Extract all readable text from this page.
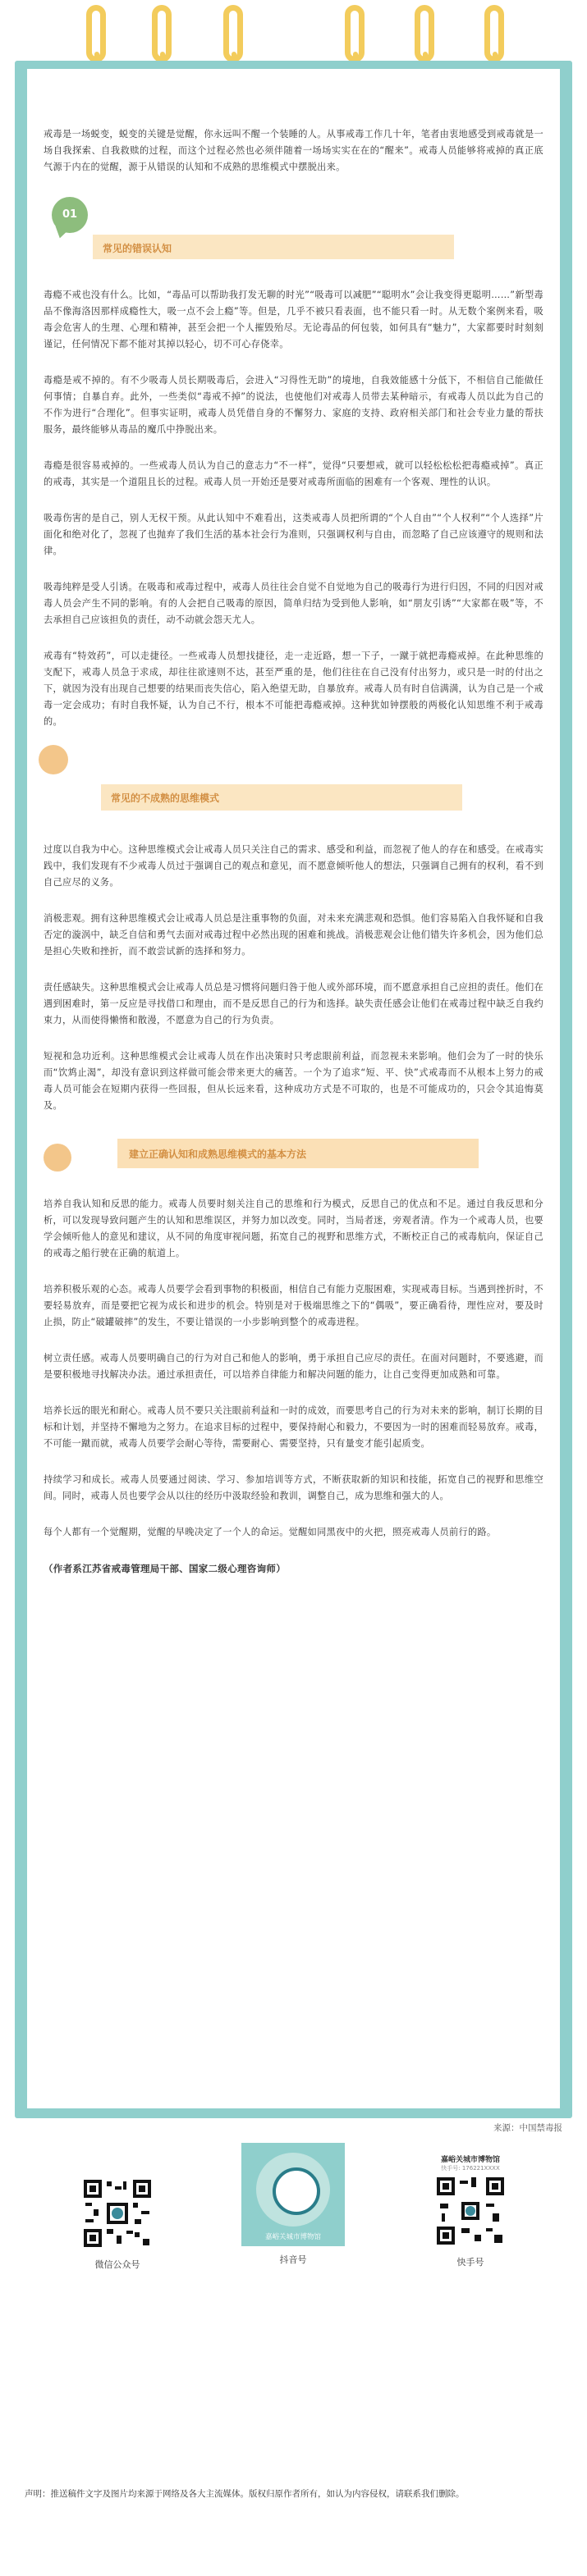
戒毒是一场蜕变，蜕变的关键是觉醒，你永远叫不醒一个装睡的人。从事戒毒工作几十年，笔者由衷地感受到戒毒就是一场自我探索、自我救赎的过程，而这个过程必然也必须伴随着一场场实实在在的“醒来”。戒毒人员能够将戒掉的真正底气源于内在的觉醒，源于从错误的认知和不成熟的思维模式中摆脱出来。

01
常见的错误认知

毒瘾不戒也没有什么。比如，“毒品可以帮助我打发无聊的时光”“吸毒可以减肥”“聪明水”会让我变得更聪明……”新型毒品不像海洛因那样成瘾性大，吸一点不会上瘾”等。但是，几乎不被只看表面，也不能只看一时。从无数个案例来看，吸毒会危害人的生理、心理和精神，甚至会把一个人摧毁殆尽。无论毒品的何包装，如何具有“魅力”，大家都要时时刻刻谨记，任何情况下都不能对其掉以轻心，切不可心存侥幸。

毒瘾是戒不掉的。有不少吸毒人员长期吸毒后，会进入“习得性无助”的境地，自我效能感十分低下，不相信自己能做任何事情；自暴自弃。此外，一些类似“毒戒不掉”的说法，也使他们对戒毒人员带去某种暗示，有戒毒人员以此为自己的不作为进行“合理化”。但事实证明，戒毒人员凭借自身的不懈努力、家庭的支持、政府相关部门和社会专业力量的帮扶服务，最终能够从毒品的魔爪中挣脱出来。

毒瘾是很容易戒掉的。一些戒毒人员认为自己的意志力“不一样”，觉得“只要想戒，就可以轻松松松把毒瘾戒掉”。真正的戒毒，其实是一个道阻且长的过程。戒毒人员一开始还是要对戒毒所面临的困难有一个客观、理性的认识。

吸毒伤害的是自己，别人无权干预。从此认知中不难看出，这类戒毒人员把所谓的“个人自由”“个人权利”“个人选择”片面化和绝对化了，忽视了也抛弃了我们生活的基本社会行为准则，只强调权利与自由，而忽略了自己应该遵守的规则和法律。

吸毒纯粹是受人引诱。在吸毒和戒毒过程中，戒毒人员往往会自觉不自觉地为自己的吸毒行为进行归因，不同的归因对戒毒人员会产生不同的影响。有的人会把自己吸毒的原因，简单归结为受到他人影响，如“朋友引诱”“大家都在吸”等，不去承担自己应该担负的责任，动不动就会怨天尤人。

戒毒有“特效药”，可以走捷径。一些戒毒人员想找捷径，走一走近路，想一下子，一蹴于就把毒瘾戒掉。在此种思维的支配下，戒毒人员急于求成，却往往欲速则不达，甚至严重的是，他们往往在自己没有付出努力，或只是一时的付出之下，就因为没有出现自己想要的结果而丧失信心，陷入绝望无助，自暴放弃。戒毒人员有时自信满满，认为自己是一个戒毒一定会成功；有时自我怀疑，认为自己不行，根本不可能把毒瘾戒掉。这种犹如钟摆般的两极化认知思维不利于戒毒的。

常见的不成熟的思维模式

过度以自我为中心。这种思维模式会让戒毒人员只关注自己的需求、感受和利益，而忽视了他人的存在和感受。在戒毒实践中，我们发现有不少戒毒人员过于强调自己的观点和意见，而不愿意倾听他人的想法，只强调自己拥有的权利，看不到自己应尽的义务。

消极悲观。拥有这种思维模式会让戒毒人员总是注重事物的负面，对未来充满悲观和恐惧。他们容易陷入自我怀疑和自我否定的漩涡中，缺乏自信和勇气去面对戒毒过程中必然出现的困难和挑战。消极悲观会让他们错失许多机会，因为他们总是担心失败和挫折，而不敢尝试新的选择和努力。

责任感缺失。这种思维模式会让戒毒人员总是习惯将问题归咎于他人或外部环境，而不愿意承担自己应担的责任。他们在遇到困难时，第一反应是寻找借口和理由，而不是反思自己的行为和选择。缺失责任感会让他们在戒毒过程中缺乏自我约束力，从而使得懒惰和散漫，不愿意为自己的行为负责。

短视和急功近利。这种思维模式会让戒毒人员在作出决策时只考虑眼前利益，而忽视未来影响。他们会为了一时的快乐而“饮鸩止渴”，却没有意识到这样做可能会带来更大的痛苦。一个为了追求“短、平、快”式戒毒而不从根本上努力的戒毒人员可能会在短期内获得一些回报，但从长远来看，这种成功方式是不可取的，也是不可能成功的，只会令其追悔莫及。

建立正确认知和成熟思维模式的基本方法

培养自我认知和反思的能力。戒毒人员要时刻关注自己的思维和行为模式，反思自己的优点和不足。通过自我反思和分析，可以发现导致问题产生的认知和思维误区，并努力加以改变。同时，当局者迷，旁观者清。作为一个戒毒人员，也要学会倾听他人的意见和建议，从不同的角度审视问题，拓宽自己的视野和思维方式，不断校正自己的戒毒航向，保证自己的戒毒之船行驶在正确的航道上。

培养积极乐观的心态。戒毒人员要学会看到事物的积极面，相信自己有能力克服困难，实现戒毒目标。当遇到挫折时，不要轻易放弃，而是要把它视为成长和进步的机会。特别是对于极端思维之下的“偶吸”，要正确看待，理性应对，要及时止损，防止“破罐破摔”的发生，不要让错误的一小步影响到整个的戒毒进程。

树立责任感。戒毒人员要明确自己的行为对自己和他人的影响，勇于承担自己应尽的责任。在面对问题时，不要逃避，而是要积极地寻找解决办法。通过承担责任，可以培养自律能力和解决问题的能力，让自己变得更加成熟和可靠。

培养长远的眼光和耐心。戒毒人员不要只关注眼前利益和一时的成效，而要思考自己的行为对未来的影响，制订长期的目标和计划，并坚持不懈地为之努力。在追求目标的过程中，要保持耐心和毅力，不要因为一时的困难而轻易放弃。戒毒，不可能一蹴而就，戒毒人员要学会耐心等待，需要耐心、需要坚持，只有量变才能引起质变。

持续学习和成长。戒毒人员要通过阅读、学习、参加培训等方式，不断获取新的知识和技能，拓宽自己的视野和思维空间。同时，戒毒人员也要学会从以往的经历中汲取经验和教训，调整自己，成为思维和强大的人。

每个人都有一个觉醒期，觉醒的早晚决定了一个人的命运。觉醒如同黑夜中的火把，照亮戒毒人员前行的路。

（作者系江苏省戒毒管理局干部、国家二级心理咨询师）

来源：中国禁毒报
微信公众号
嘉峪关城市博物馆
抖音号
嘉峪关城市博物馆
快手号: 176221XXXX
快手号
声明：推送稿件文字及图片均来源于网络及各大主流媒体。版权归原作者所有，如认为内容侵权，请联系我们删除。
